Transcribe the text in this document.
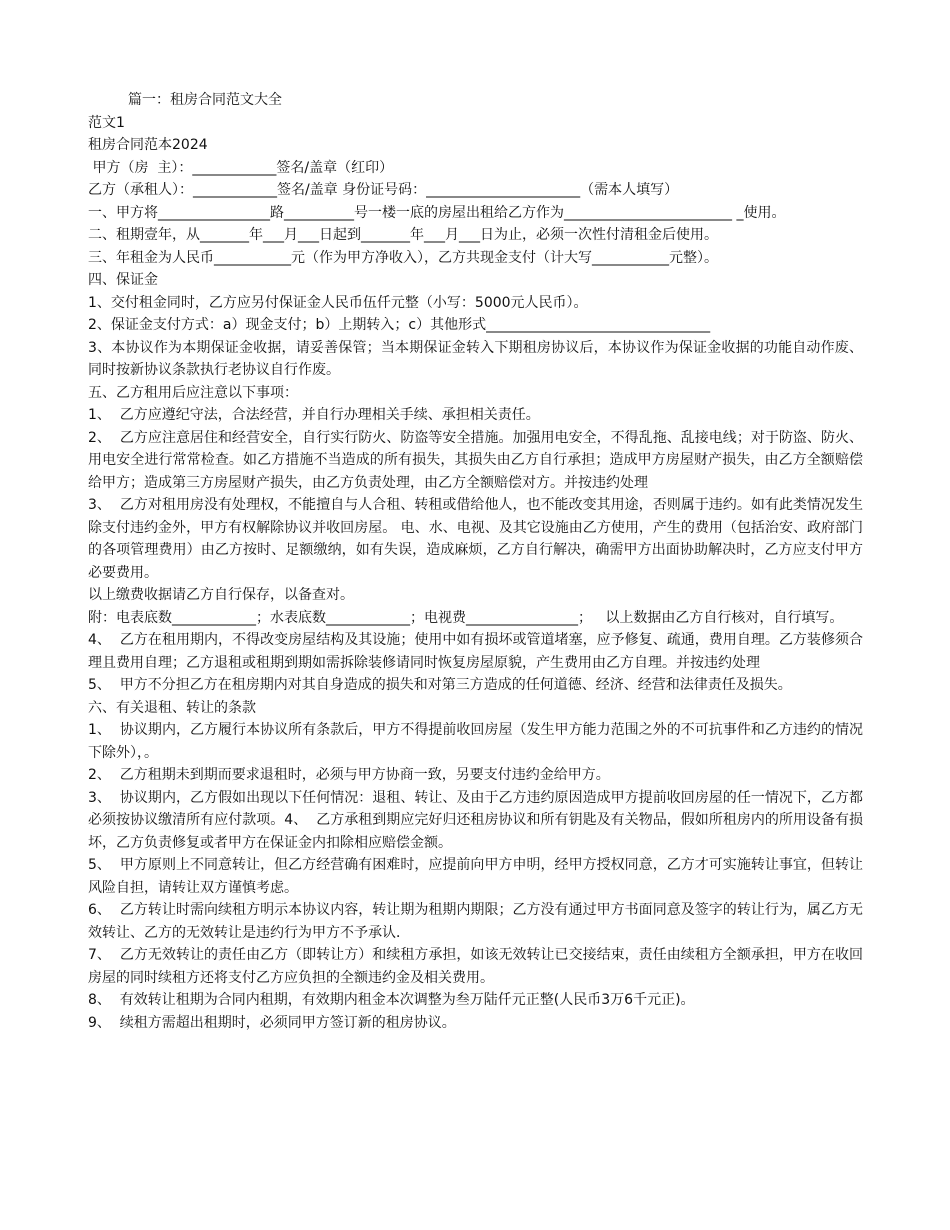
篇一：租房合同范文大全
范文1
租房合同范本2024
甲方（房  主）：____________签名/盖章（红印）
乙方（承租人）：____________签名/盖章 身份证号码：______________________（需本人填写）
一、甲方将________________路__________号一楼一底的房屋出租给乙方作为________________________ _使用。
二、租期壹年，从_______年___月___日起到_______年___月___日为止，必须一次性付清租金后使用。
三、年租金为人民币___________元（作为甲方净收入），乙方共现金支付（计大写___________元整）。
四、保证金
1、交付租金同时，乙方应另付保证金人民币伍仟元整（小写：5000元人民币）。
2、保证金支付方式：a）现金支付；b）上期转入；c）其他形式________________________________
3、本协议作为本期保证金收据，请妥善保管；当本期保证金转入下期租房协议后，本协议作为保证金收据的功能自动作废、同时按新协议条款执行老协议自行作废。
五、乙方租用后应注意以下事项：
1、  乙方应遵纪守法，合法经营，并自行办理相关手续、承担相关责任。
2、  乙方应注意居住和经营安全，自行实行防火、防盗等安全措施。加强用电安全，不得乱拖、乱接电线；对于防盗、防火、用电安全进行常常检查。如乙方措施不当造成的所有损失，其损失由乙方自行承担；造成甲方房屋财产损失，由乙方全额赔偿给甲方；造成第三方房屋财产损失，由乙方负责处理，由乙方全额赔偿对方。并按违约处理
3、  乙方对租用房没有处理权，不能擅自与人合租、转租或借给他人，也不能改变其用途，否则属于违约。如有此类情况发生除支付违约金外，甲方有权解除协议并收回房屋。 电、水、电视、及其它设施由乙方使用，产生的费用（包括治安、政府部门的各项管理费用）由乙方按时、足额缴纳，如有失误，造成麻烦，乙方自行解决，确需甲方出面协助解决时，乙方应支付甲方必要费用。
以上缴费收据请乙方自行保存，以备查对。
附：电表底数____________；水表底数____________；电视费________________；   以上数据由乙方自行核对，自行填写。
4、  乙方在租用期内，不得改变房屋结构及其设施；使用中如有损坏或管道堵塞，应予修复、疏通，费用自理。乙方装修须合理且费用自理；乙方退租或租期到期如需拆除装修请同时恢复房屋原貌，产生费用由乙方自理。并按违约处理
5、  甲方不分担乙方在租房期内对其自身造成的损失和对第三方造成的任何道德、经济、经营和法律责任及损失。
六、有关退租、转让的条款
1、  协议期内，乙方履行本协议所有条款后，甲方不得提前收回房屋（发生甲方能力范围之外的不可抗事件和乙方违约的情况下除外），。
2、  乙方租期未到期而要求退租时，必须与甲方协商一致，另要支付违约金给甲方。
3、  协议期内，乙方假如出现以下任何情况：退租、转让、及由于乙方违约原因造成甲方提前收回房屋的任一情况下，乙方都必须按协议缴清所有应付款项。4、  乙方承租到期应完好归还租房协议和所有钥匙及有关物品，假如所租房内的所用设备有损坏，乙方负责修复或者甲方在保证金内扣除相应赔偿金额。
5、  甲方原则上不同意转让，但乙方经营确有困难时，应提前向甲方申明，经甲方授权同意，乙方才可实施转让事宜，但转让风险自担，请转让双方谨慎考虑。
6、  乙方转让时需向续租方明示本协议内容，转让期为租期内期限；乙方没有通过甲方书面同意及签字的转让行为，属乙方无效转让、乙方的无效转让是违约行为甲方不予承认．
7、  乙方无效转让的责任由乙方（即转让方）和续租方承担，如该无效转让已交接结束，责任由续租方全额承担，甲方在收回房屋的同时续租方还将支付乙方应负担的全额违约金及相关费用。
8、  有效转让租期为合同内租期，有效期内租金本次调整为叁万陆仟元正整(人民币3万6千元正)。
9、  续租方需超出租期时，必须同甲方签订新的租房协议。
